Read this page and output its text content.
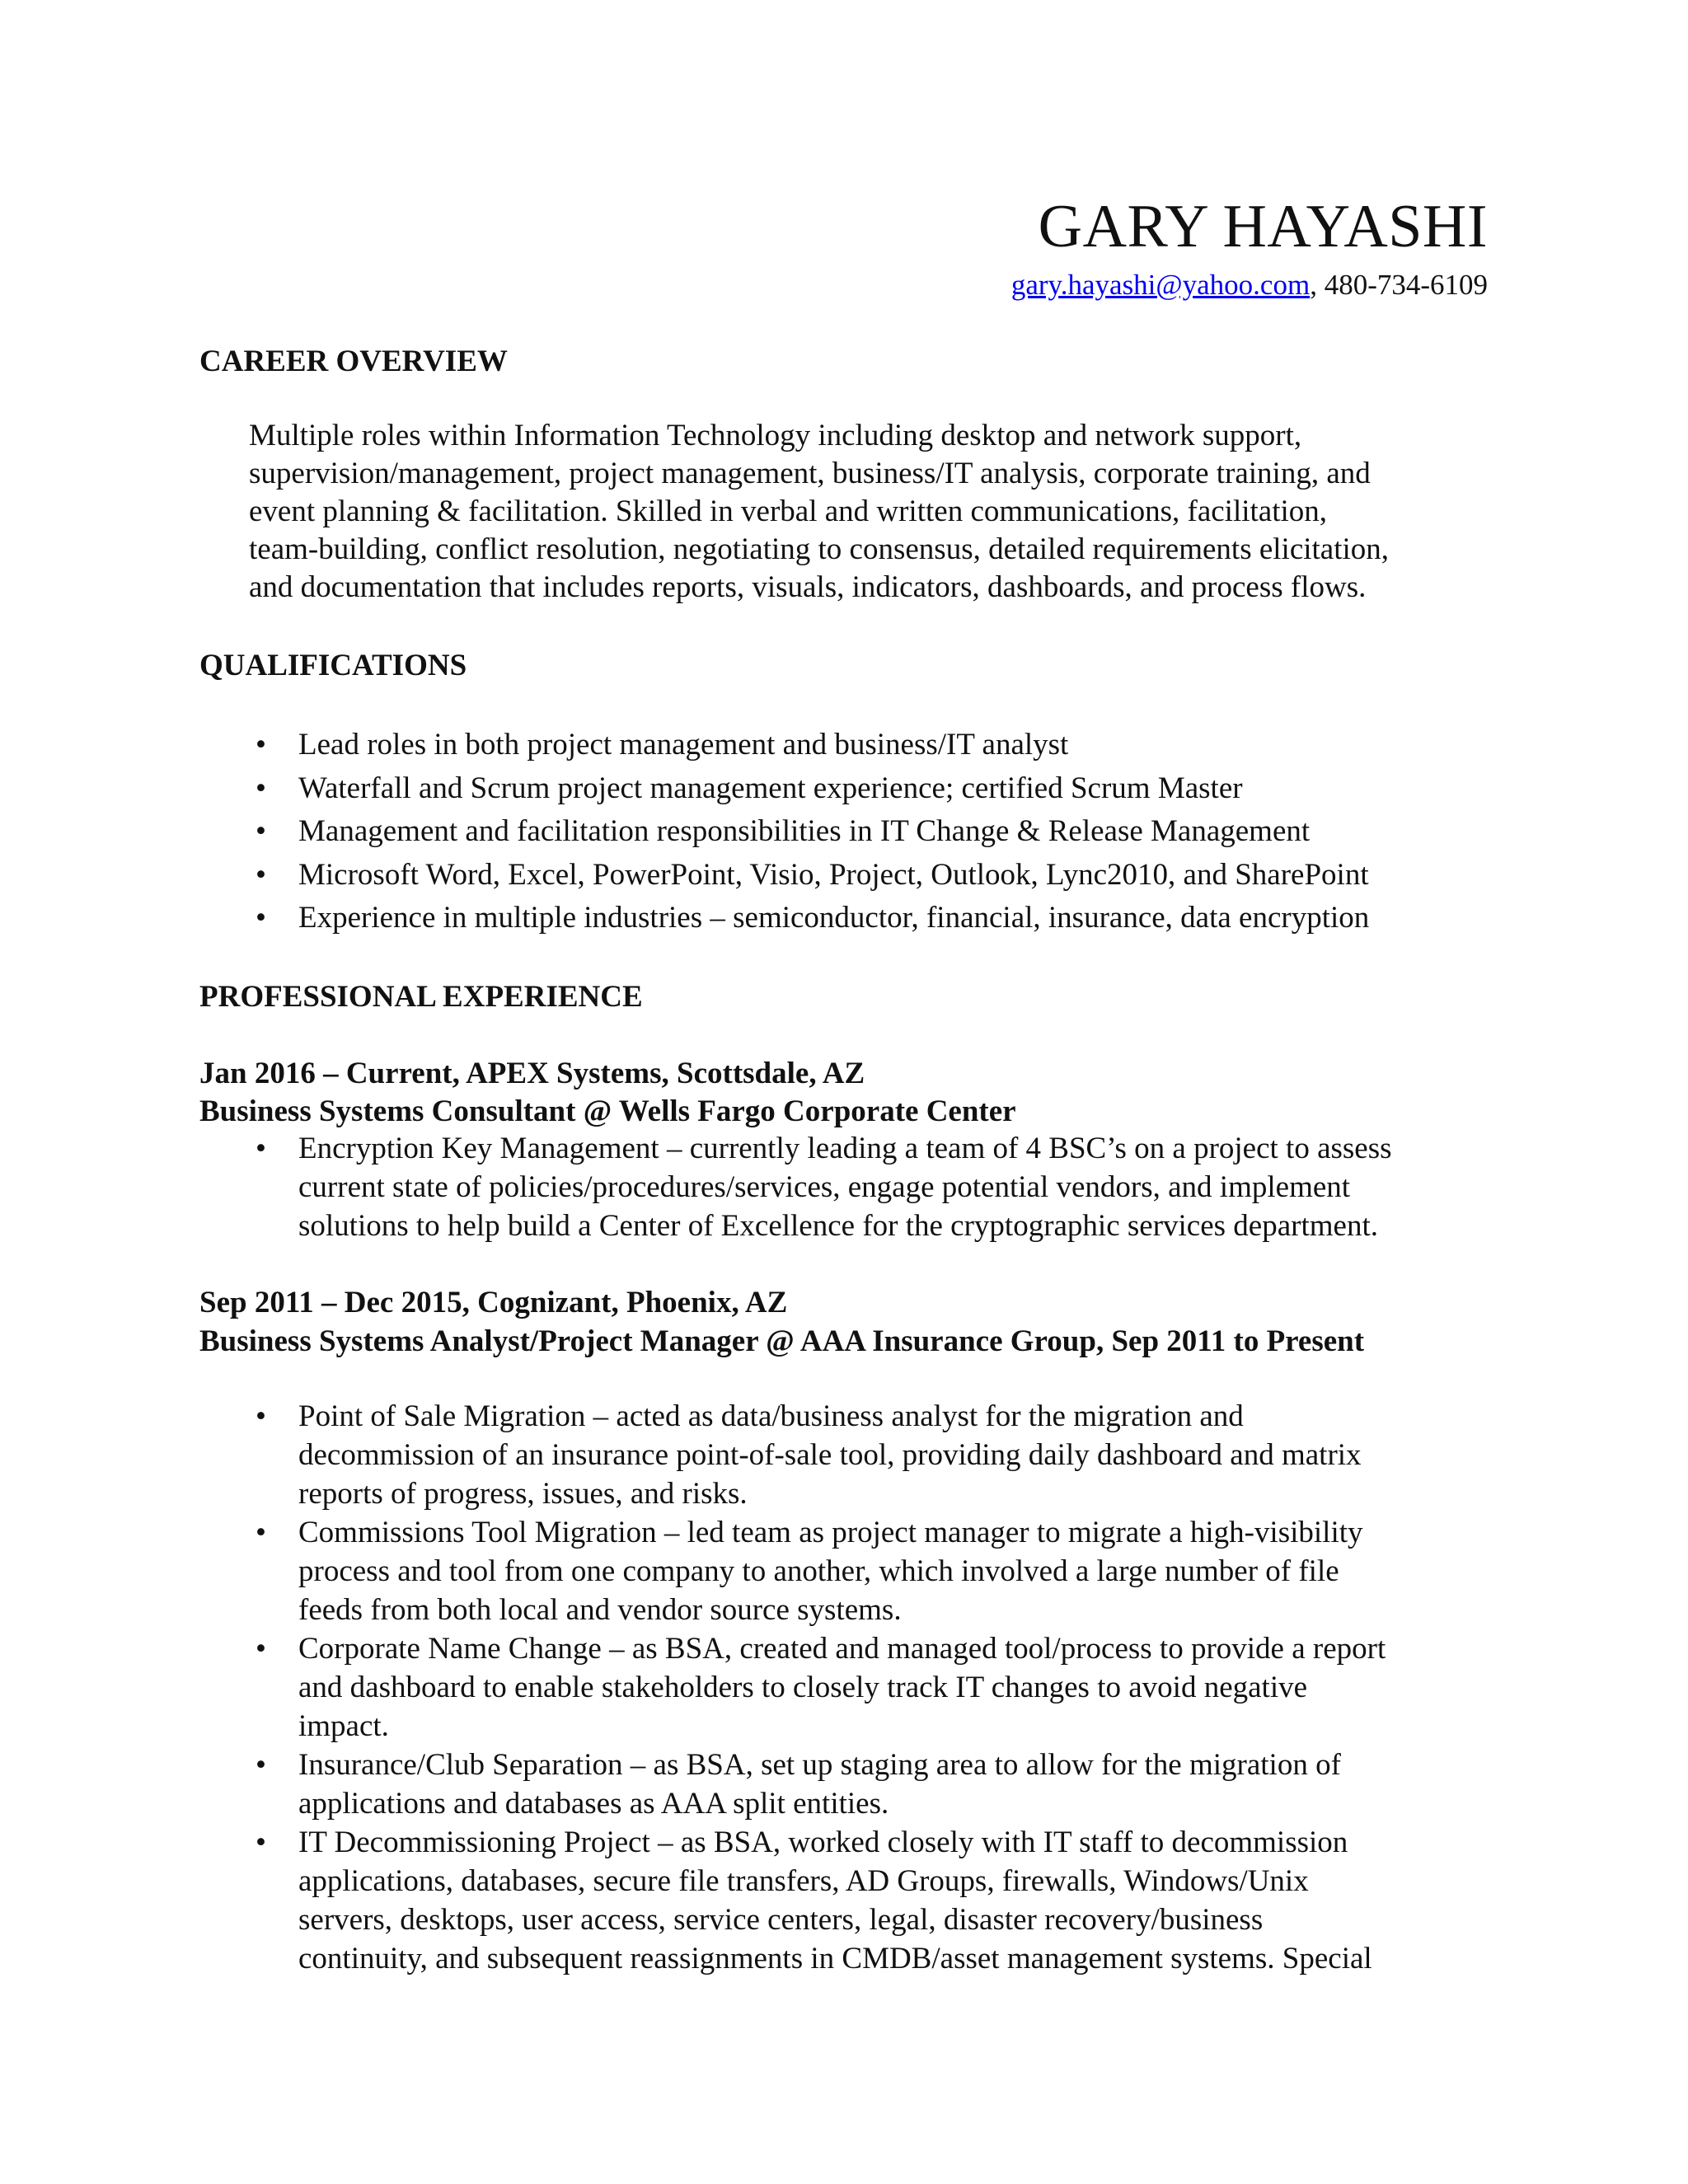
GARY HAYASHI
gary.hayashi@yahoo.com, 480-734-6109
CAREER OVERVIEW

Multiple roles within Information Technology including desktop and network support,
supervision/management, project management, business/IT analysis, corporate training, and
event planning & facilitation. Skilled in verbal and written communications, facilitation,
team-building, conflict resolution, negotiating to consensus, detailed requirements elicitation,
and documentation that includes reports, visuals, indicators, dashboards, and process flows.

QUALIFICATIONS
• Lead roles in both project management and business/IT analyst
• Waterfall and Scrum project management experience; certified Scrum Master
• Management and facilitation responsibilities in IT Change & Release Management
• Microsoft Word, Excel, PowerPoint, Visio, Project, Outlook, Lync2010, and SharePoint
• Experience in multiple industries – semiconductor, financial, insurance, data encryption
PROFESSIONAL EXPERIENCE
Jan 2016 – Current, APEX Systems, Scottsdale, AZ
Business Systems Consultant @ Wells Fargo Corporate Center
• Encryption Key Management – currently leading a team of 4 BSC’s on a project to assess
current state of policies/procedures/services, engage potential vendors, and implement
solutions to help build a Center of Excellence for the cryptographic services department.
Sep 2011 – Dec 2015, Cognizant, Phoenix, AZ
Business Systems Analyst/Project Manager @ AAA Insurance Group, Sep 2011 to Present
• Point of Sale Migration – acted as data/business analyst for the migration and
decommission of an insurance point-of-sale tool, providing daily dashboard and matrix
reports of progress, issues, and risks.
• Commissions Tool Migration – led team as project manager to migrate a high-visibility
process and tool from one company to another, which involved a large number of file
feeds from both local and vendor source systems.
• Corporate Name Change – as BSA, created and managed tool/process to provide a report
and dashboard to enable stakeholders to closely track IT changes to avoid negative
impact.
• Insurance/Club Separation – as BSA, set up staging area to allow for the migration of
applications and databases as AAA split entities.
• IT Decommissioning Project – as BSA, worked closely with IT staff to decommission
applications, databases, secure file transfers, AD Groups, firewalls, Windows/Unix
servers, desktops, user access, service centers, legal, disaster recovery/business
continuity, and subsequent reassignments in CMDB/asset management systems. Special
